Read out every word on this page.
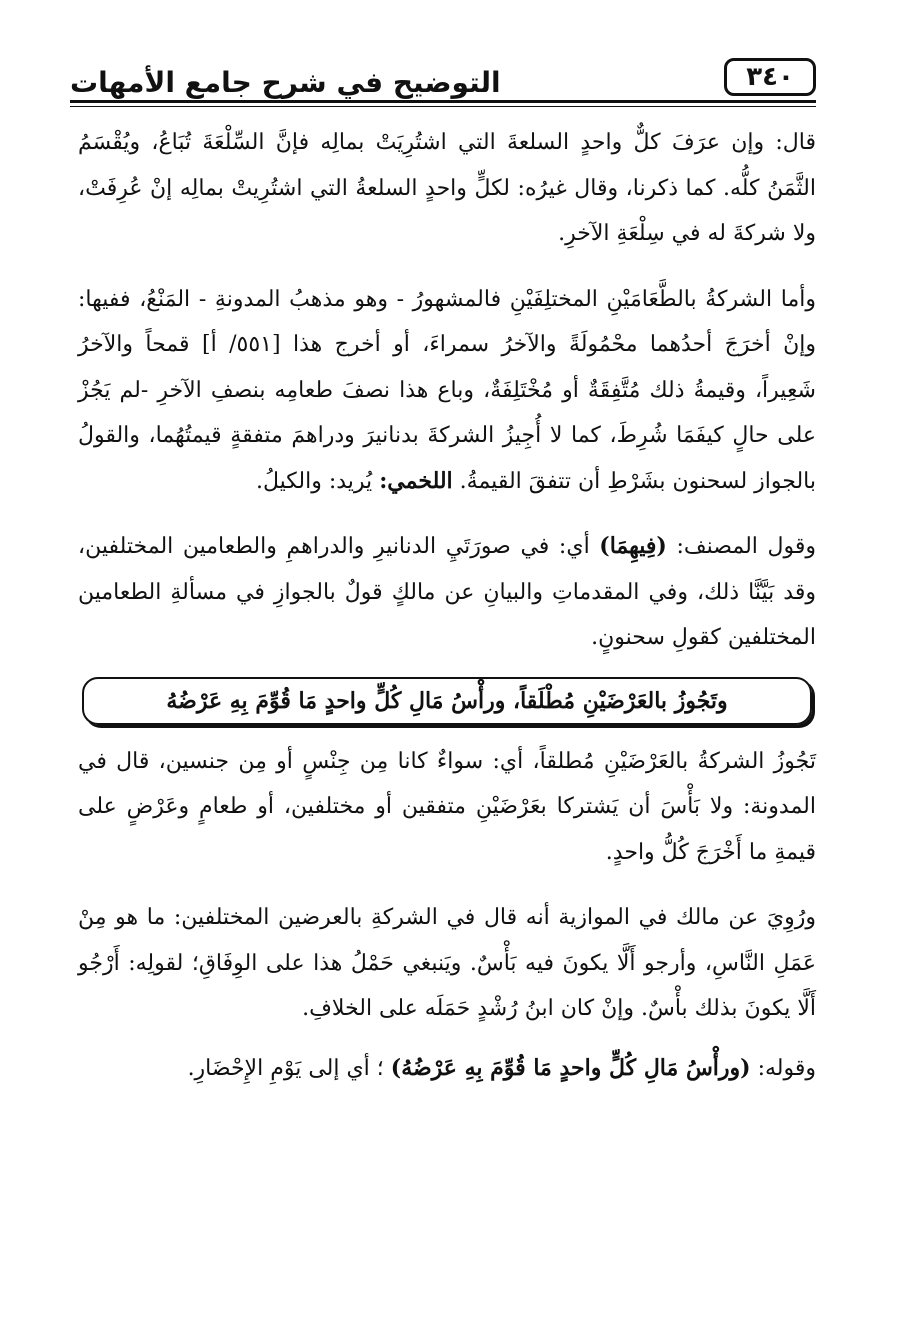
٣٤٠
التوضيح في شرح جامع الأمهات

قال: وإن عرَفَ كلٌّ واحدٍ السلعةَ التي اشتُرِيَتْ بمالِه فإنَّ السِّلْعَةَ تُبَاعُ، ويُقْسَمُ الثَّمَنُ كلُّه. كما ذكرنا، وقال غيرُه: لكلٍّ واحدٍ السلعةُ التي اشتُرِيتْ بمالِه إنْ عُرِفَتْ، ولا شركةَ له في سِلْعَةِ الآخرِ.

وأما الشركةُ بالطَّعَامَيْنِ المختلِفَيْنِ فالمشهورُ - وهو مذهبُ المدونةِ - المَنْعُ، ففيها: وإنْ أخرَجَ أحدُهما محْمُولَةً والآخرُ سمراءَ، أو أخرج هذا [٥٥١/ أ] قمحاً والآخرُ شَعِيراً، وقيمةُ ذلك مُتَّفِقَةٌ أو مُخْتَلِفَةٌ، وباع هذا نصفَ طعامِه بنصفِ الآخرِ -لم يَجُزْ على حالٍ كيفَمَا شُرِطَ، كما لا أُجِيزُ الشركةَ بدنانيرَ ودراهمَ متفقةٍ قيمتُهُما، والقولُ بالجواز لسحنون بشَرْطِ أن تتفقَ القيمةُ. اللخمي: يُريد: والكيلُ.

وقول المصنف: (فِيهِمَا) أي: في صورَتَيِ الدنانيرِ والدراهمِ والطعامين المختلفين، وقد بَيَّنَّا ذلك، وفي المقدماتِ والبيانِ عن مالكٍ قولٌ بالجوازِ في مسألةِ الطعامين المختلفين كقولِ سحنونٍ.

وتَجُوزُ بالعَرْضَيْنِ مُطْلَقاً، ورأْسُ مَالِ كُلٍّ واحدٍ مَا قُوِّمَ بِهِ عَرْضُهُ

تَجُوزُ الشركةُ بالعَرْضَيْنِ مُطلقاً، أي: سواءٌ كانا مِن جِنْسٍ أو مِن جنسين، قال في المدونة: ولا بَأْسَ أن يَشتركا بعَرْضَيْنِ متفقين أو مختلفين، أو طعامٍ وعَرْضٍ على قيمةِ ما أَخْرَجَ كُلُّ واحدٍ.

ورُوِيَ عن مالك في الموازية أنه قال في الشركةِ بالعرضين المختلفين: ما هو مِنْ عَمَلِ النَّاسِ، وأرجو أَلَّا يكونَ فيه بَأْسٌ. ويَنبغي حَمْلُ هذا على الوِفَاقِ؛ لقولِه: أَرْجُو أَلَّا يكونَ بذلك بأْسٌ. وإنْ كان ابنُ رُشْدٍ حَمَلَه على الخلافِ.

وقوله: (ورأْسُ مَالِ كُلٍّ واحدٍ مَا قُوِّمَ بِهِ عَرْضُهُ) ؛ أي إلى يَوْمِ الإِحْضَارِ.
